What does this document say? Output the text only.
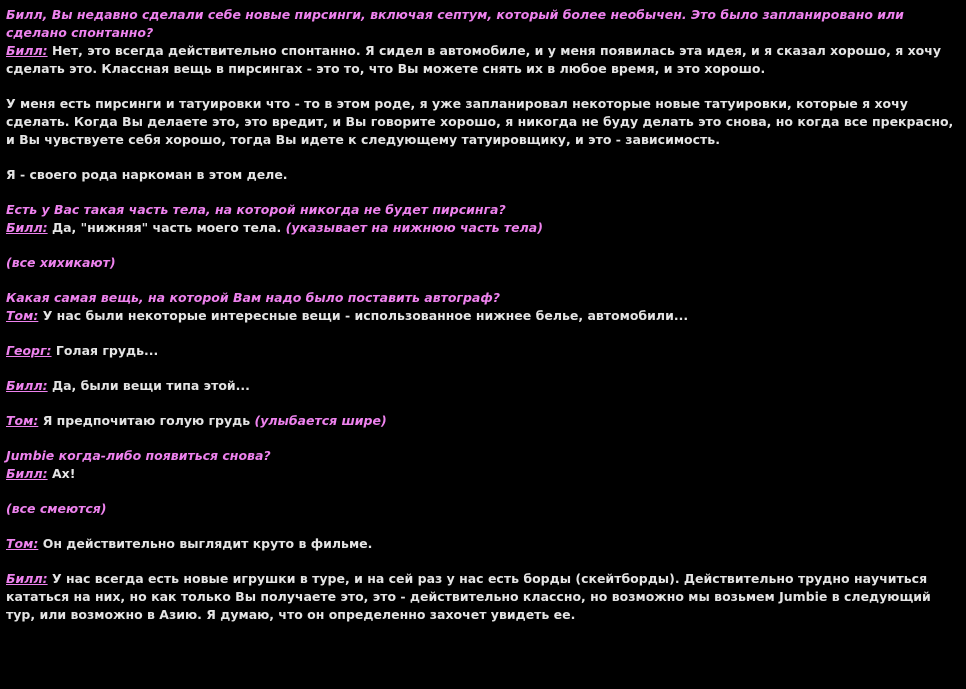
Билл, Вы недавно сделали себе новые пирсинги, включая септум, который более необычен. Это было запланировано или сделано спонтанно?
Билл: Нет, это всегда действительно спонтанно. Я сидел в автомобиле, и у меня появилась эта идея, и я сказал хорошо, я хочу сделать это. Классная вещь в пирсингах - это то, что Вы можете снять их в любое время, и это хорошо.

У меня есть пирсинги и татуировки что - то в этом роде, я уже запланировал некоторые новые татуировки, которые я хочу сделать. Когда Вы делаете это, это вредит, и Вы говорите хорошо, я никогда не буду делать это снова, но когда все прекрасно, и Вы чувствуете себя хорошо, тогда Вы идете к следующему татуировщику, и это - зависимость.

Я - своего рода наркоман в этом деле.

Есть у Вас такая часть тела, на которой никогда не будет пирсинга?
Билл: Да, "нижняя" часть моего тела. (указывает на нижнюю часть тела)

(все хихикают)

Какая самая вещь, на которой Вам надо было поставить автограф?
Том: У нас были некоторые интересные вещи - использованное нижнее белье, автомобили...

Георг: Голая грудь...

Билл: Да, были вещи типа этой...

Том: Я предпочитаю голую грудь (улыбается шире)

Jumbie когда-либо появиться снова?
Билл: Ах!

(все смеются)

Том: Он действительно выглядит круто в фильме.

Билл: У нас всегда есть новые игрушки в туре, и на сей раз у нас есть борды (скейтборды). Действительно трудно научиться кататься на них, но как только Вы получаете это, это - действительно классно, но возможно мы возьмем Jumbie в следующий тур, или возможно в Азию. Я думаю, что он определенно захочет увидеть ее.
